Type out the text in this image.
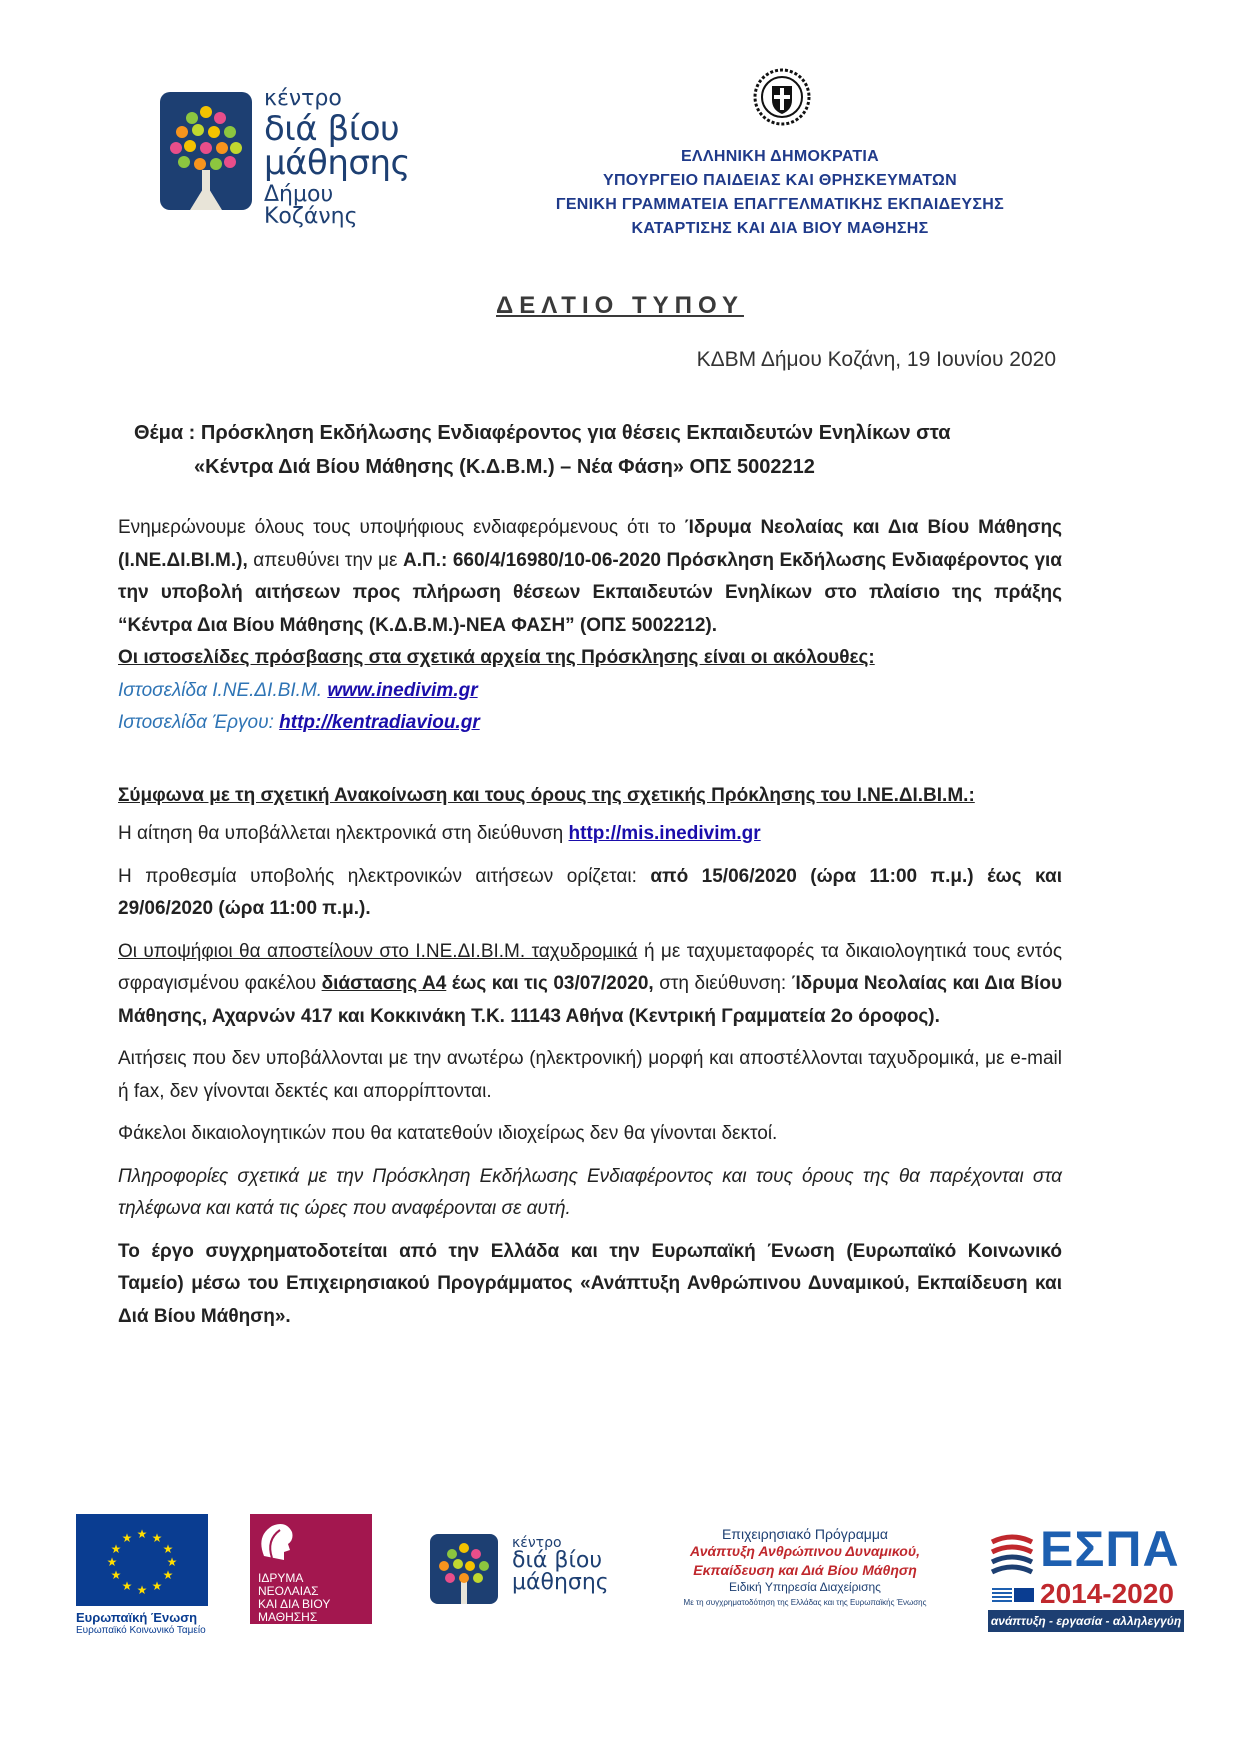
κέντρο
διά βίου
μάθησης
Δήμου Κοζάνης
ΕΛΛΗΝΙΚΗ ΔΗΜΟΚΡΑΤΙΑ
ΥΠΟΥΡΓΕΙΟ ΠΑΙΔΕΙΑΣ ΚΑΙ ΘΡΗΣΚΕΥΜΑΤΩΝ
ΓΕΝΙΚΗ ΓΡΑΜΜΑΤΕΙΑ ΕΠΑΓΓΕΛΜΑΤΙΚΗΣ ΕΚΠΑΙΔΕΥΣΗΣ
ΚΑΤΑΡΤΙΣΗΣ ΚΑΙ ΔΙΑ ΒΙΟΥ ΜΑΘΗΣΗΣ
ΔΕΛΤΙΟ ΤΥΠΟΥ
ΚΔΒΜ Δήμου Κοζάνη, 19 Ιουνίου 2020
Θέμα : Πρόσκληση Εκδήλωσης Ενδιαφέροντος για θέσεις Εκπαιδευτών Ενηλίκων στα
«Κέντρα Διά Βίου Μάθησης (Κ.Δ.Β.Μ.) – Νέα Φάση» ΟΠΣ 5002212

Ενημερώνουμε όλους τους υποψήφιους ενδιαφερόμενους ότι το Ίδρυμα Νεολαίας και Δια Βίου Μάθησης (Ι.ΝΕ.ΔΙ.ΒΙ.Μ.), απευθύνει την με Α.Π.: 660/4/16980/10-06-2020 Πρόσκληση Εκδήλωσης Ενδιαφέροντος για την υποβολή αιτήσεων προς πλήρωση θέσεων Εκπαιδευτών Ενηλίκων στο πλαίσιο της πράξης “Κέντρα Δια Βίου Μάθησης (Κ.Δ.Β.Μ.)-ΝΕΑ ΦΑΣΗ” (ΟΠΣ 5002212).

Οι ιστοσελίδες πρόσβασης στα σχετικά αρχεία της Πρόσκλησης είναι οι ακόλουθες:

Ιστοσελίδα Ι.ΝΕ.ΔΙ.ΒΙ.Μ. www.inedivim.gr

Ιστοσελίδα Έργου: http://kentradiaviou.gr

Σύμφωνα με τη σχετική Ανακοίνωση και τους όρους της σχετικής Πρόκλησης του Ι.ΝΕ.ΔΙ.ΒΙ.Μ.:

Η αίτηση θα υποβάλλεται ηλεκτρονικά στη διεύθυνση http://mis.inedivim.gr

Η προθεσμία υποβολής ηλεκτρονικών αιτήσεων ορίζεται: από 15/06/2020 (ώρα 11:00 π.μ.) έως και 29/06/2020 (ώρα 11:00 π.μ.).

Οι υποψήφιοι θα αποστείλουν στο Ι.ΝΕ.ΔΙ.ΒΙ.Μ. ταχυδρομικά ή με ταχυμεταφορές τα δικαιολογητικά τους εντός σφραγισμένου φακέλου διάστασης Α4 έως και τις 03/07/2020, στη διεύθυνση: Ίδρυμα Νεολαίας και Δια Βίου Μάθησης, Αχαρνών 417 και Κοκκινάκη Τ.Κ. 11143 Αθήνα (Κεντρική Γραμματεία 2ο όροφος).

Αιτήσεις που δεν υποβάλλονται με την ανωτέρω (ηλεκτρονική) μορφή και αποστέλλονται ταχυδρομικά, με e-mail ή fax, δεν γίνονται δεκτές και απορρίπτονται.

Φάκελοι δικαιολογητικών που θα κατατεθούν ιδιοχείρως δεν θα γίνονται δεκτοί.

Πληροφορίες σχετικά με την Πρόσκληση Εκδήλωσης Ενδιαφέροντος και τους όρους της θα παρέχονται στα τηλέφωνα και κατά τις ώρες που αναφέρονται σε αυτή.

Το έργο συγχρηματοδοτείται από την Ελλάδα και την Ευρωπαϊκή Ένωση (Ευρωπαϊκό Κοινωνικό Ταμείο) μέσω του Επιχειρησιακού Προγράμματος «Ανάπτυξη Ανθρώπινου Δυναμικού, Εκπαίδευση και Διά Βίου Μάθηση».

★ ★
★
★
★
★
★
★
★
★
★
★
Ευρωπαϊκή Ένωση
Ευρωπαϊκό Κοινωνικό Ταμείο
ΙΔΡΥΜΑ
ΝΕΟΛΑΙΑΣ
ΚΑΙ ΔΙΑ ΒΙΟΥ
ΜΑΘΗΣΗΣ
κέντρο
διά βίου
μάθησης
Επιχειρησιακό Πρόγραμμα
Ανάπτυξη Ανθρώπινου Δυναμικού,
Εκπαίδευση και Διά Βίου Μάθηση
Ειδική Υπηρεσία Διαχείρισης
Με τη συγχρηματοδότηση της Ελλάδας και της Ευρωπαϊκής Ένωσης
ΕΣΠΑ
2014-2020
ανάπτυξη - εργασία - αλληλεγγύη
